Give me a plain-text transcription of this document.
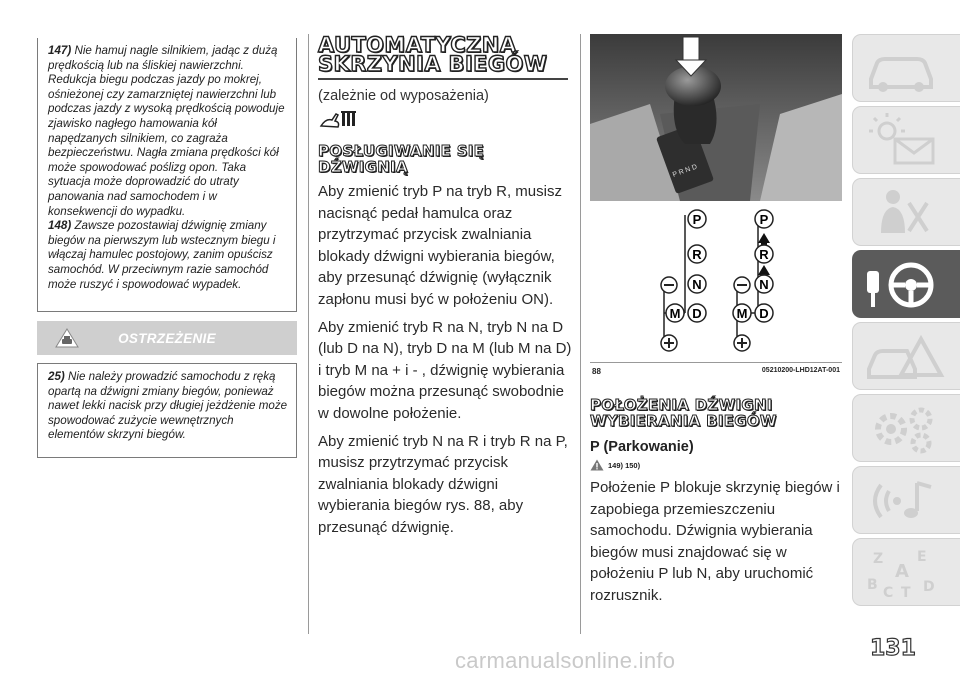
147) Nie hamuj nagle silnikiem, jadąc z dużą prędkością lub na śliskiej nawierzchni. Redukcja biegu podczas jazdy po mokrej, ośnieżonej czy zamarzniętej nawierzchni lub podczas jazdy z wysoką prędkością powoduje zjawisko nagłego hamowania kół napędzanych silnikiem, co zagraża bezpieczeństwu. Nagła zmiana prędkości kół może spowodować poślizg opon. Taka sytuacja może doprowadzić do utraty panowania nad samochodem i w konsekwencji do wypadku.

148) Zawsze pozostawiaj dźwignię zmiany biegów na pierwszym lub wstecznym biegu i włączaj hamulec postojowy, zanim opuścisz samochód. W przeciwnym razie samochód może ruszyć i spowodować wypadek.

OSTRZEŻENIE

25) Nie należy prowadzić samochodu z ręką opartą na dźwigni zmiany biegów, ponieważ nawet lekki nacisk przy długiej jeżdżenie może spowodować zużycie wewnętrznych elementów skrzyni biegów.

AUTOMATYCZNA
SKRZYNIA BIEGÓW
(zależnie od wyposażenia)
POSŁUGIWANIE SIĘ
DŹWIGNIĄ

Aby zmienić tryb P na tryb R, musisz nacisnąć pedał hamulca oraz przytrzymać przycisk zwalniania blokady dźwigni wybierania biegów, aby przesunąć dźwignię (wyłącznik zapłonu musi być w położeniu ON).

Aby zmienić tryb R na N, tryb N na D (lub D na N), tryb D na M (lub M na D) i tryb M na + i - , dźwignię wybierania biegów można przesunąć swobodnie w dowolne położenie.

Aby zmienić tryb N na R i tryb R na P, musisz przytrzymać przycisk zwalniania blokady dźwigni wybierania biegów rys. 88, aby przesunąć dźwignię.

P R N D
P
R
N
D
M
P
R
N
D
M
88	05210200-LHD12AT-001
POŁOŻENIA DŹWIGNI
WYBIERANIA BIEGÓW
P (Parkowanie)
149) 150)

Położenie P blokuje skrzynię biegów i zapobiega przemieszczeniu samochodu. Dźwignia wybierania biegów musi znajdować się w położeniu P lub N, aby uruchomić rozrusznik.

Z E
A
B C T D
131
carmanualsonline.info
